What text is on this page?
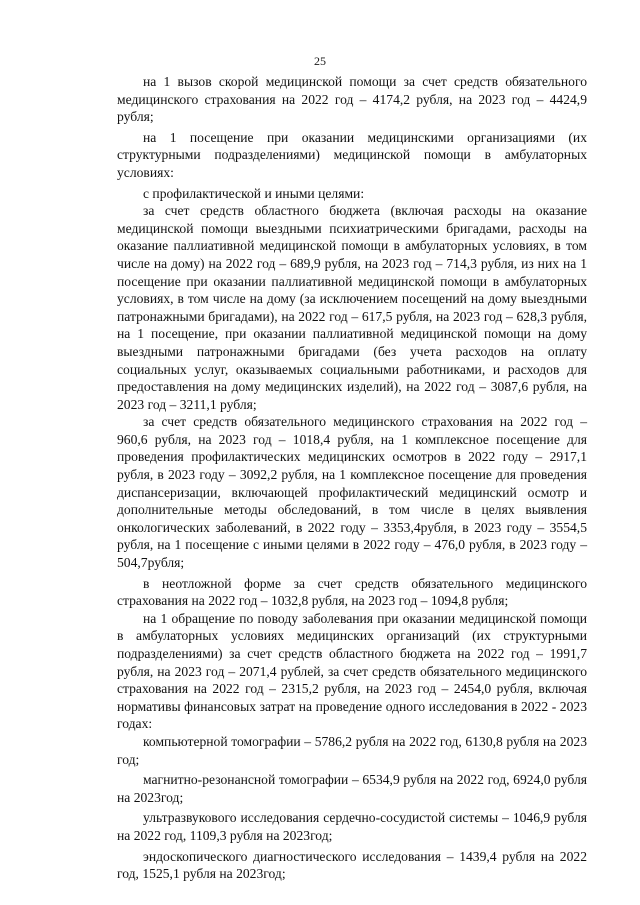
25

на 1 вызов скорой медицинской помощи за счет средств обязательного медицинского страхования на 2022 год – 4174,2 рубля, на 2023 год – 4424,9 рубля;

на 1 посещение при оказании медицинскими организациями (их структурными подразделениями) медицинской помощи в амбулаторных условиях:

с профилактической и иными целями:

за счет средств областного бюджета (включая расходы на оказание медицинской помощи выездными психиатрическими бригадами, расходы на оказание паллиативной медицинской помощи в амбулаторных условиях, в том числе на дому) на 2022 год – 689,9 рубля, на 2023 год – 714,3 рубля, из них на 1 посещение при оказании паллиативной медицинской помощи в амбулаторных условиях, в том числе на дому (за исключением посещений на дому выездными патронажными бригадами), на 2022 год – 617,5 рубля, на 2023 год – 628,3 рубля, на 1 посещение, при оказании паллиативной медицинской помощи на дому выездными патронажными бригадами (без учета расходов на оплату социальных услуг, оказываемых социальными работниками, и расходов для предоставления на дому медицинских изделий), на 2022 год – 3087,6 рубля, на 2023 год – 3211,1 рубля;

за счет средств обязательного медицинского страхования на 2022 год – 960,6 рубля, на 2023 год – 1018,4 рубля, на 1 комплексное посещение для проведения профилактических медицинских осмотров в 2022 году – 2917,1 рубля, в 2023 году – 3092,2 рубля, на 1 комплексное посещение для проведения диспансеризации, включающей профилактический медицинский осмотр и дополнительные методы обследований, в том числе в целях выявления онкологических заболеваний, в 2022 году – 3353,4рубля, в 2023 году – 3554,5 рубля, на 1 посещение с иными целями в 2022 году – 476,0 рубля, в 2023 году – 504,7рубля;

в неотложной форме за счет средств обязательного медицинского страхования на 2022 год – 1032,8 рубля, на 2023 год – 1094,8 рубля;

на 1 обращение по поводу заболевания при оказании медицинской помощи в амбулаторных условиях медицинских организаций (их структурными подразделениями) за счет средств областного бюджета на 2022 год – 1991,7 рубля, на 2023 год – 2071,4 рублей, за счет средств обязательного медицинского страхования на 2022 год – 2315,2 рубля, на 2023 год – 2454,0 рубля, включая нормативы финансовых затрат на проведение одного исследования в 2022 - 2023 годах:

компьютерной томографии – 5786,2 рубля на 2022 год, 6130,8 рубля на 2023 год;

магнитно-резонансной томографии – 6534,9 рубля на 2022 год, 6924,0 рубля на 2023год;

ультразвукового исследования сердечно-сосудистой системы – 1046,9 рубля на 2022 год, 1109,3 рубля на 2023год;

эндоскопического диагностического исследования – 1439,4 рубля на 2022 год, 1525,1 рубля на 2023год;
